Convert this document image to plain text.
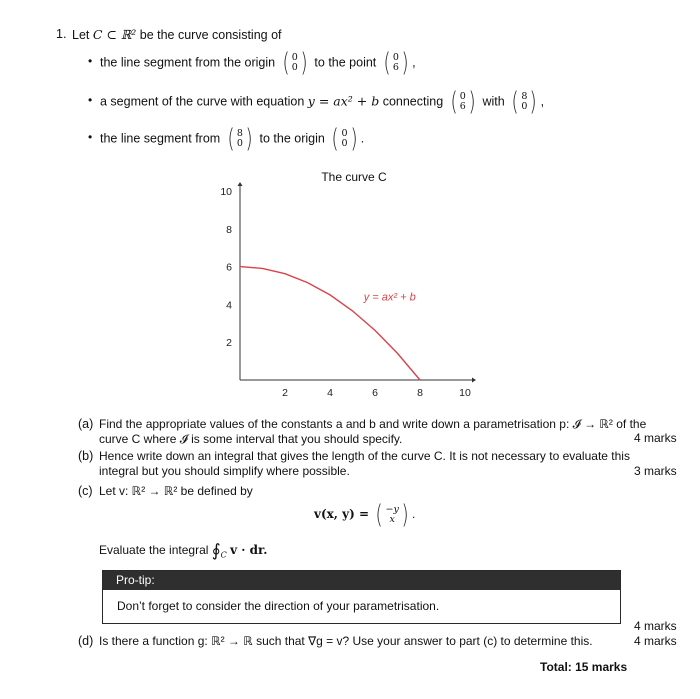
1. Let C ⊂ ℝ² be the curve consisting of
• the line segment from the origin ( 0
0 ) to the point ( 0
6 ) ,
• a segment of the curve with equation y = ax² + b connecting ( 0
6 ) with ( 8
0 ) ,
• the line segment from ( 8
0 ) to the origin ( 0
0 ) .
The curve C
2	4	6	8	10
2
4
6
8
10
y = ax² + b
(a) Find the appropriate values of the constants a and b and write down a parametrisation p: 𝓘 → ℝ² of the
curve C where 𝓘 is some interval that you should specify.	4 marks
(b) Hence write down an integral that gives the length of the curve C. It is not necessary to evaluate this
integral but you should simplify where possible.	3 marks
(c) Let v: ℝ² → ℝ² be defined by
v(x, y) = ( −y
x ) .
Evaluate the integral $∮_C$ v · dr.
Pro-tip:
Don’t forget to consider the direction of your parametrisation.
4 marks
(d) Is there a function g: ℝ² → ℝ such that ∇g = v? Use your answer to part (c) to determine this.	4 marks
Total: 15 marks
